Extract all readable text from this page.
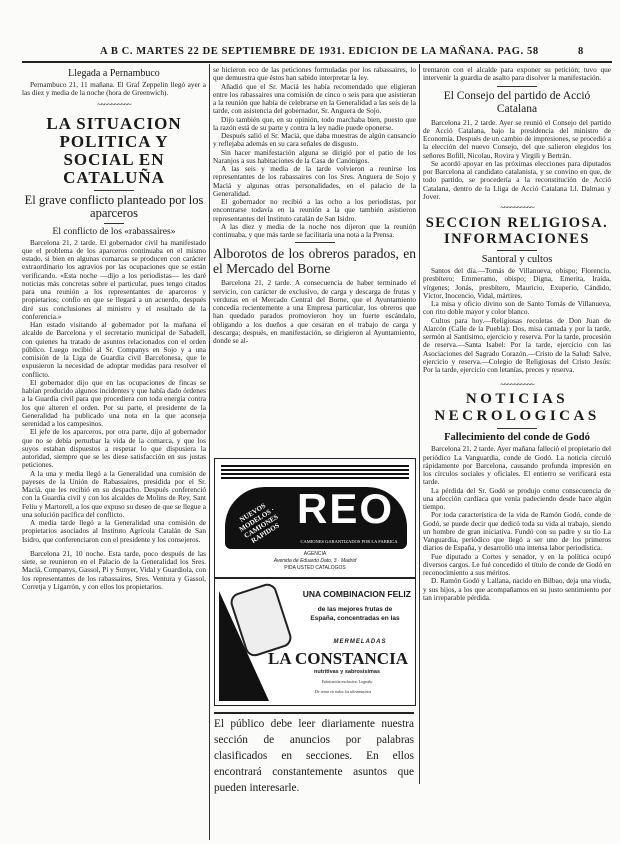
A B C. MARTES 22 DE SEPTIEMBRE DE 1931. EDICION DE LA MAÑANA. PAG. 58	8
Llegada a Pernambuco

Pernambuco 21, 11 mañana. El Graf Zeppelin llegó ayer a las diez y media de la noche (hora de Greenwich).

~~~~~~~~~~
LA SITUACION POLITICA Y SOCIAL EN CATALUÑA
El grave conflicto planteado por los aparceros
El conflicto de los «rabassaires»

Barcelona 21, 2 tarde. El gobernador civil ha manifestado que el problema de los aparceros continuaba en el mismo estado, si bien en algunas comarcas se producen con carácter extraordinario los agravios por las ocupaciones que se están verificando. «Esta noche —dijo a los periodistas— les daré noticias más concretas sobre el particular, pues tengo citados para una reunión a los representantes de aparceros y propietarios; confío en que se llegará a un acuerdo, después diré sus conclusiones al ministro y el resultado de la conferencia.»

Han estado visitando al gobernador por la mañana el alcalde de Barcelona y el secretario municipal de Sabadell, con quienes ha tratado de asuntos relacionados con el orden público. Luego recibió al Sr. Companys en Sojo y a una comisión de la Liga de Guardia civil Barcelonesa, que le expusieron la necesidad de adoptar medidas para resolver el conflicto.

El gobernador dijo que en las ocupaciones de fincas se habían producido algunos incidentes y que había dado órdenes a la Guardia civil para que procediera con toda energía contra los que alteren el orden. Por su parte, el presidente de la Generalidad ha publicado una nota en la que aconseja serenidad a los campesinos.

El jefe de los aparceros, por otra parte, dijo al gobernador que no se debía perturbar la vida de la comarca, y que los suyos estaban dispuestos a respetar lo que dispusiera la autoridad, siempre que se les diese satisfacción en sus justas peticiones.

A la una y media llegó a la Generalidad una comisión de payeses de la Unión de Rabassaires, presidida por el Sr. Maciá, que les recibió en su despacho. Después conferenció con la Guardia civil y con los alcaldes de Molins de Rey, Sant Feliu y Martorell, a los que expuso su deseo de que se llegue a una solución pacífica del conflicto.

A media tarde llegó a la Generalidad una comisión de propietarios asociados al Instituto Agrícola Catalán de San Isidro, que conferenciaron con el presidente y los consejeros.

Barcelona 21, 10 noche. Esta tarde, poco después de las siete, se reunieron en el Palacio de la Generalidad los Sres. Maciá, Companys, Gassol, Pi y Sunyer, Vidal y Guardiola, con los representantes de los rabassaires, Sres. Ventura y Gassol, Corretja y Ligarrón, y con ellos los propietarios.

se hicieron eco de las peticiones formuladas por los rabassaires, lo que demuestra que éstos han sabido interpretar la ley.

Añadió que el Sr. Maciá les había recomendado que eligieran entre los rabassaires una comisión de cinco o seis para que asistieran a la reunión que había de celebrarse en la Generalidad a las seis de la tarde, con asistencia del gobernador, Sr. Anguera de Sojo.

Dijo también que, en su opinión, todo marchaba bien, puesto que la razón está de su parte y contra la ley nadie puede oponerse.

Después salió el Sr. Maciá, que daba muestras de algún cansancio y reflejaba además en su cara señales de disgusto.

Sin hacer manifestación alguna se dirigió por el patio de los Naranjos a sus habitaciones de la Casa de Canónigos.

A las seis y media de la tarde volvieron a reunirse los representantes de los rabassaires con los Sres. Anguera de Sojo y Maciá y algunas otras personalidades, en el palacio de la Generalidad.

El gobernador no recibió a las ocho a los periodistas, por encontrarse todavía en la reunión a la que también asistieron representantes del Instituto catalán de San Isidro.

A las diez y media de la noche nos dijeron que la reunión continuaba, y que más tarde se facilitaría una nota a la Prensa.

Alborotos de los obreros parados, en el Mercado del Borne

Barcelona 21, 2 tarde. A consecuencia de haber terminado el servicio, con carácter de exclusivo, de carga y descarga de frutas y verduras en el Mercado Central del Borne, que el Ayuntamiento concedía recientemente a una Empresa particular, los obreros que han quedado parados promovieron hoy un fuerte escándalo, obligando a los dueños a que cesaran en el trabajo de carga y descarga; después, en manifestación, se dirigieron al Ayuntamiento, donde se al-

NUEVOS MODELOS · CAMIONES RAPIDOS
REO
CAMIONES GARANTIZADOS POR LA FABRICA
AGENCIA
Avenida de Eduardo Dato, 3 · Madrid
PIDA USTED CATALOGOS
UNA COMBINACION FELIZ
de las mejores frutas de España, concentradas en las
MERMELADAS
LA CONSTANCIA
nutritivas y sabrosísimas
Fabricación exclusiva: Logroño
De venta en todos los ultramarinos
El público debe leer diariamente nuestra sección de anuncios por palabras clasificados en secciones. En ellos encontrará constantemente asuntos que pueden interesarle.

trentaron con el alcalde para exponer su petición; tuvo que intervenir la guardia de asalto para disolver la manifestación.

El Consejo del partido de Acció Catalana

Barcelona 21, 2 tarde. Ayer se reunió el Consejo del partido de Acció Catalana, bajo la presidencia del ministro de Economía. Después de un cambio de impresiones, se procedió a la elección del nuevo Consejo, del que salieron elegidos los señores Bofill, Nicolau, Rovira y Virgili y Bertrán.

Se acordó apoyar en las próximas elecciones para diputados por Barcelona al candidato catalanista, y se convino en que, de todo partido, se procedería a la reconstitución de Acció Catalana, dentro de la Lliga de Acció Catalana Ll. Dalmau y Jover.

~~~~~~~~~~
SECCION RELIGIOSA. INFORMACIONES
Santoral y cultos

Santos del día.—Tomás de Villanueva, obispo; Florencio, presbítero; Emmeramo, obispo; Digna, Emerita, Iraida, vírgenes; Jonás, presbítero, Mauricio, Exuperio, Cándido, Víctor, Inocencio, Vidal, mártires.

La misa y oficio divino son de Santo Tomás de Villanueva, con rito doble mayor y color blanco.

Cultos para hoy.—Religiosas recoletas de Don Juan de Alarcón (Calle de la Puebla): Dos, misa cantada y por la tarde, sermón al Santísimo, ejercicio y reserva. Por la tarde, procesión de reserva.—Santa Isabel: Por la tarde, ejercicio con las Asociaciones del Sagrado Corazón.—Cristo de la Salud: Salve, ejercicio y reserva.—Colegio de Religiosas del Cristo Jesús: Por la tarde, ejercicio con letanías, preces y reserva.

~~~~~~~~~~
NOTICIAS NECROLOGICAS
Fallecimiento del conde de Godó

Barcelona 21, 2 tarde. Ayer mañana falleció el propietario del periódico La Vanguardia, conde de Godó. La noticia circuló rápidamente por Barcelona, causando profunda impresión en los círculos sociales y oficiales. El entierro se verificará esta tarde.

La pérdida del Sr. Godó se produjo como consecuencia de una afección cardíaca que venía padeciendo desde hace algún tiempo.

Por toda característica de la vida de Ramón Godó, conde de Godó, se puede decir que dedicó toda su vida al trabajo, siendo un hombre de gran iniciativa. Fundó con su padre y su tío La Vanguardia, periódico que llegó a ser uno de los primeros diarios de España, y desarrolló una intensa labor periodística.

Fue diputado a Cortes y senador, y en la política ocupó diversos cargos. Le fué concedido el título de conde de Godó en reconocimiento a sus méritos.

D. Ramón Godó y Lallana, nacido en Bilbao, deja una viuda, y sus hijos, a los que acompañamos en su justo sentimiento por tan irreparable pérdida.
